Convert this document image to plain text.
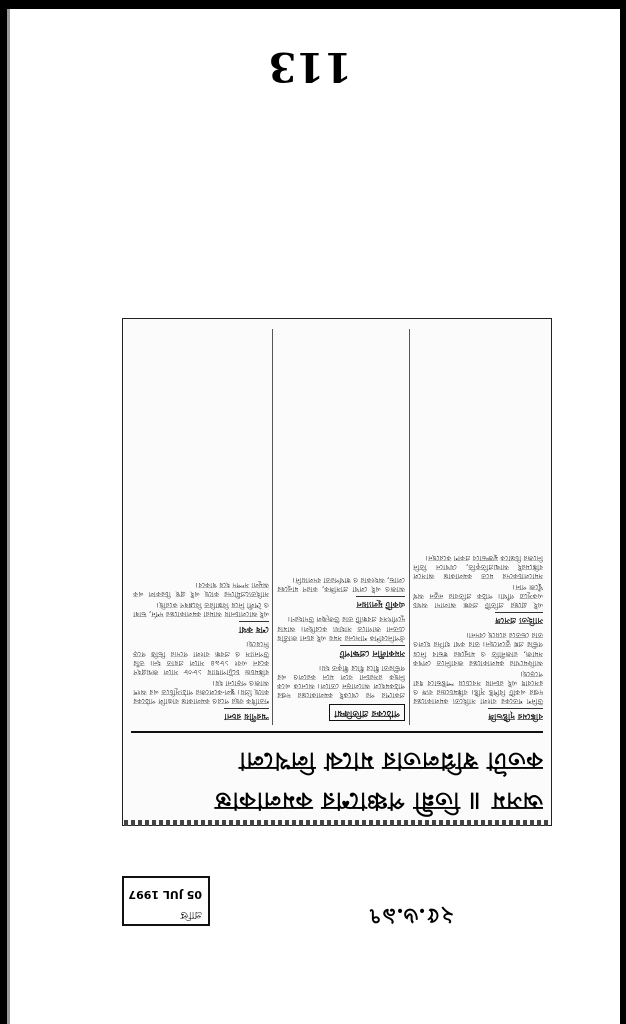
113
অসম ॥ তিন্নী পঞ্চাশের কমলাকান্ত
কতটা স্বপ্নিলতার মাঝে লিখলো
বঙ্কিমের দৃষ্টিভঙ্গি

উনিশ শতকের বাংলা সাহিত্যে কমলাকান্তের দপ্তর একটি বিশিষ্ট সৃষ্টি। বঙ্কিমচন্দ্রের ব্যঙ্গ ও রসবোধ এই রচনায় সবচেয়ে স্পষ্টভাবে ধরা পড়েছে।

আফিমখোর কমলাকান্তের জবানিতে লেখক সমাজ, রাজনীতি ও মানুষের স্বভাব নিয়ে গভীর প্রশ্ন তুলেছেন। তার কথা হাসির হলেও তার ভেতরে রয়েছে বেদনা।

সাহিত্য প্রসঙ্গে

এই গ্রন্থের প্রতিটি প্রবন্ধ আলাদা অথচ একসূত্রে গাঁথা। পাঠক প্রতিবার নতুন অর্থ খুঁজে পান।

সমালোচকদের মতে কমলাকান্ত আসলে বঙ্কিমেরই আত্মপ্রতিকৃতি, যেখানে তিনি নিজের চিন্তাকে মুক্তভাবে প্রকাশ করেছেন।

পাঠকের প্রতিক্রিয়া

প্রকাশের পর থেকেই কমলাকান্তের দপ্তর পাঠকমহলে আলোড়ন তোলে। অনেকে একে নিছক রসরচনা বলে মনে করলেও এর গভীরতা ধীরে ধীরে স্বীকৃত হয়।

সমকালীন প্রেক্ষাপট

ঔপনিবেশিক শাসনের সময় এই রচনা জাতীয় চেতনা জাগাতে সাহায্য করেছিল। আমার দুর্গোৎসব প্রবন্ধটি তার উজ্জ্বল উদাহরণ।

একটি মূল্যায়ন

আজও এই লেখা প্রাসঙ্গিক, কারণ মানুষের লোভ, অহংকার ও স্বার্থপরতা বদলায়নি।

স্মরণীয় রচনা

শতাধিক বছর পরেও কমলাকান্ত বাঙালি পাঠকের কাছে প্রিয়। স্কুল-কলেজের পাঠ্যসূচিতে এর অংশ আজও পড়ানো হয়।

বঙ্কিমচন্দ্র চট্টোপাধ্যায় ১৮৩৮ সালে জন্মগ্রহণ করেন এবং ১৮৯৪ সালে প্রয়াত হন। তাঁর উপন্যাস ও প্রবন্ধ বাংলা গদ্যের ভিত্তি গড়ে দিয়েছে।

শেষ কথা

এই আলোচনায় আমরা কমলাকান্তের দর্শন, ভাষা ও শৈলী নিয়ে বিস্তারিত বিশ্লেষণ করেছি।

সাহিত্যপ্রেমীদের কাছে এই গ্রন্থ চিরকাল এক অমূল্য সম্পদ হয়ে থাকবে।

প্রাপ্তি
05 JUL 1997
২৫.৬.৯৭
